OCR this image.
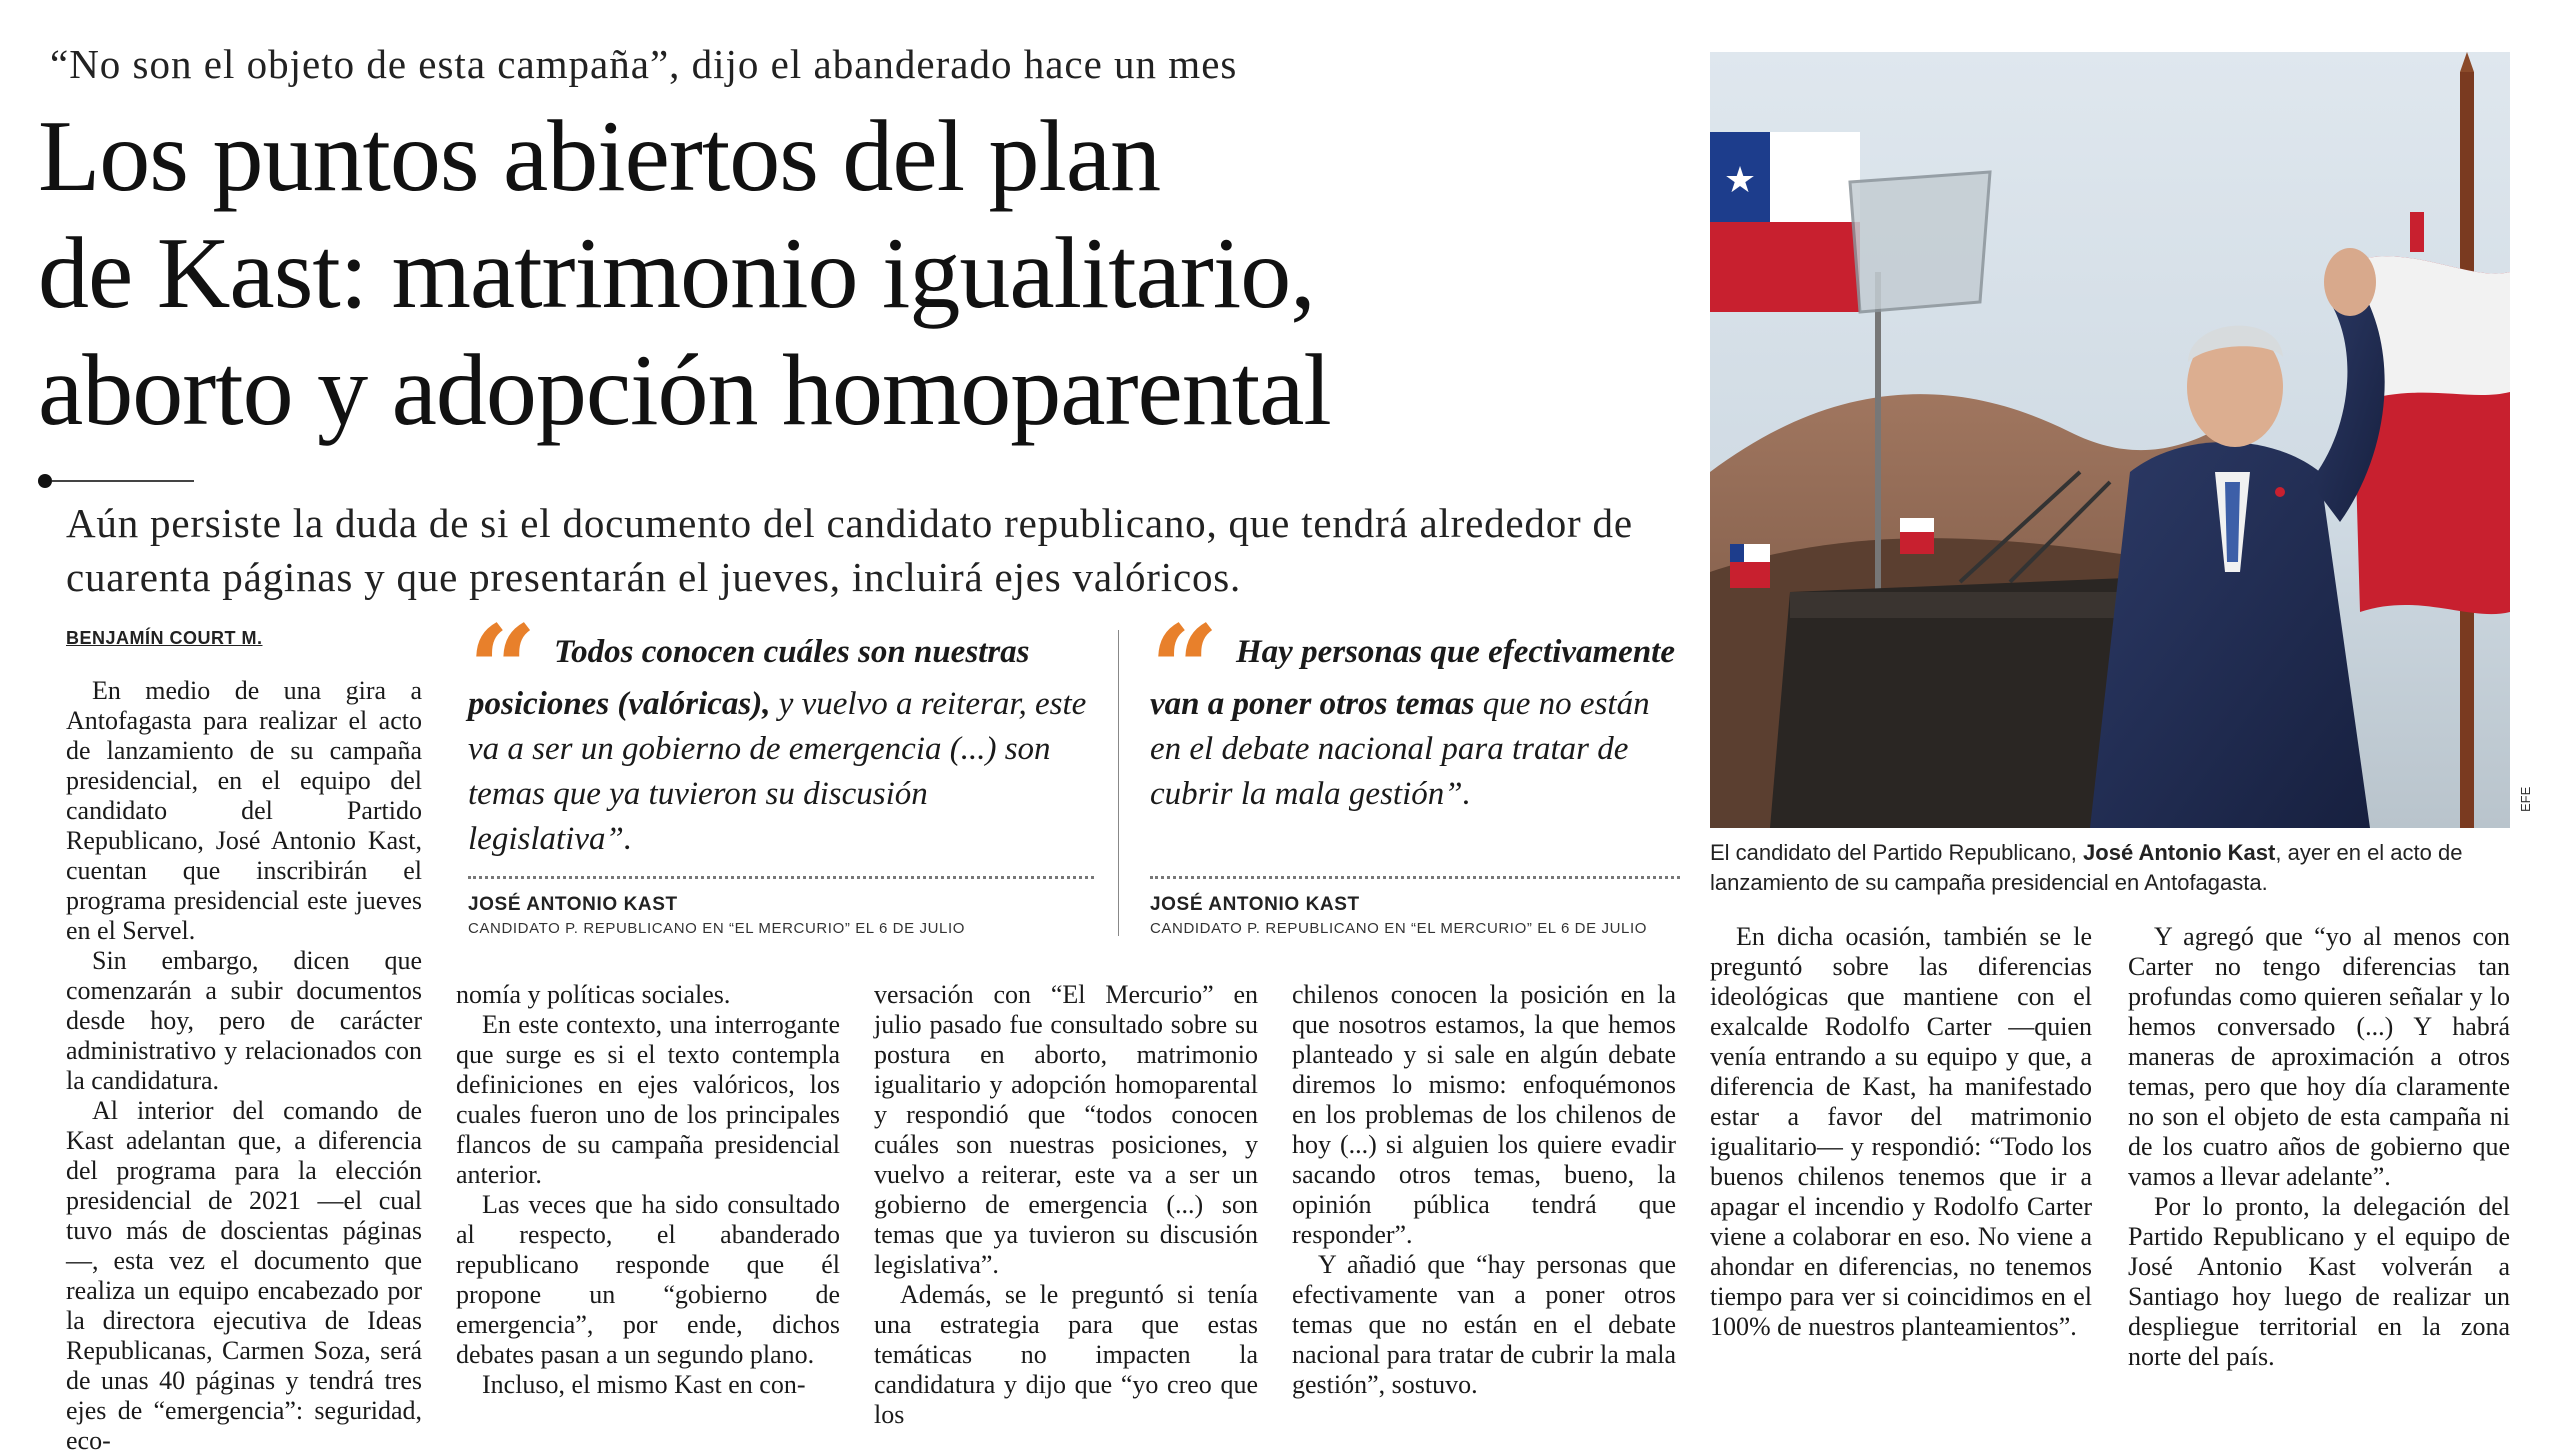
“No son el objeto de esta campaña”, dijo el abanderado hace un mes
Los puntos abiertos del plan
de Kast: matrimonio igualitario,
aborto y adopción homoparental
Aún persiste la duda de si el documento del candidato republicano, que tendrá alrededor de cuarenta páginas y que presentarán el jueves, incluirá ejes valóricos.
BENJAMÍN COURT M.

En medio de una gira a Antofagasta para realizar el acto de lanzamiento de su campaña presidencial, en el equipo del candidato del Partido Republicano, José Antonio Kast, cuentan que inscribirán el programa presidencial este jueves en el Servel.

Sin embargo, dicen que comenzarán a subir documentos desde hoy, pero de carácter administrativo y relacionados con la candidatura.

Al interior del comando de Kast adelantan que, a diferencia del programa para la elección presidencial de 2021 —el cual tuvo más de doscientas páginas—, esta vez el documento que realiza un equipo encabezado por la directora ejecutiva de Ideas Republicanas, Carmen Soza, será de unas 40 páginas y tendrá tres ejes de “emergencia”: seguridad, eco-

“ Todos conocen cuáles son nuestras posiciones (valóricas), y vuelvo a reiterar, este va a ser un gobierno de emergencia (...) son temas que ya tuvieron su discusión legislativa”.
JOSÉ ANTONIO KAST
CANDIDATO P. REPUBLICANO EN “EL MERCURIO” EL 6 DE JULIO
“ Hay personas que efectivamente van a poner otros temas que no están en el debate nacional para tratar de cubrir la mala gestión”.
JOSÉ ANTONIO KAST
CANDIDATO P. REPUBLICANO EN “EL MERCURIO” EL 6 DE JULIO

nomía y políticas sociales.

En este contexto, una interrogante que surge es si el texto contempla definiciones en ejes valóricos, los cuales fueron uno de los principales flancos de su campaña presidencial anterior.

Las veces que ha sido consultado al respecto, el abanderado republicano responde que él propone un “gobierno de emergencia”, por ende, dichos debates pasan a un segundo plano.

Incluso, el mismo Kast en con-

versación con “El Mercurio” en julio pasado fue consultado sobre su postura en aborto, matrimonio igualitario y adopción homoparental y respondió que “todos conocen cuáles son nuestras posiciones, y vuelvo a reiterar, este va a ser un gobierno de emergencia (...) son temas que ya tuvieron su discusión legislativa”.

Además, se le preguntó si tenía una estrategia para que estas temáticas no impacten la candidatura y dijo que “yo creo que los

chilenos conocen la posición en la que nosotros estamos, la que hemos planteado y si sale en algún debate diremos lo mismo: enfoquémonos en los problemas de los chilenos de hoy (...) si alguien los quiere evadir sacando otros temas, bueno, la opinión pública tendrá que responder”.

Y añadió que “hay personas que efectivamente van a poner otros temas que no están en el debate nacional para tratar de cubrir la mala gestión”, sostuvo.

★
EFE
El candidato del Partido Republicano, José Antonio Kast, ayer en el acto de lanzamiento de su campaña presidencial en Antofagasta.

En dicha ocasión, también se le preguntó sobre las diferencias ideológicas que mantiene con el exalcalde Rodolfo Carter —quien venía entrando a su equipo y que, a diferencia de Kast, ha manifestado estar a favor del matrimonio igualitario— y respondió: “Todo los buenos chilenos tenemos que ir a apagar el incendio y Rodolfo Carter viene a colaborar en eso. No viene a ahondar en diferencias, no tenemos tiempo para ver si coincidimos en el 100% de nuestros planteamientos”.

Y agregó que “yo al menos con Carter no tengo diferencias tan profundas como quieren señalar y lo hemos conversado (...) Y habrá maneras de aproximación a otros temas, pero que hoy día claramente no son el objeto de esta campaña ni de los cuatro años de gobierno que vamos a llevar adelante”.

Por lo pronto, la delegación del Partido Republicano y el equipo de José Antonio Kast volverán a Santiago hoy luego de realizar un despliegue territorial en la zona norte del país.
